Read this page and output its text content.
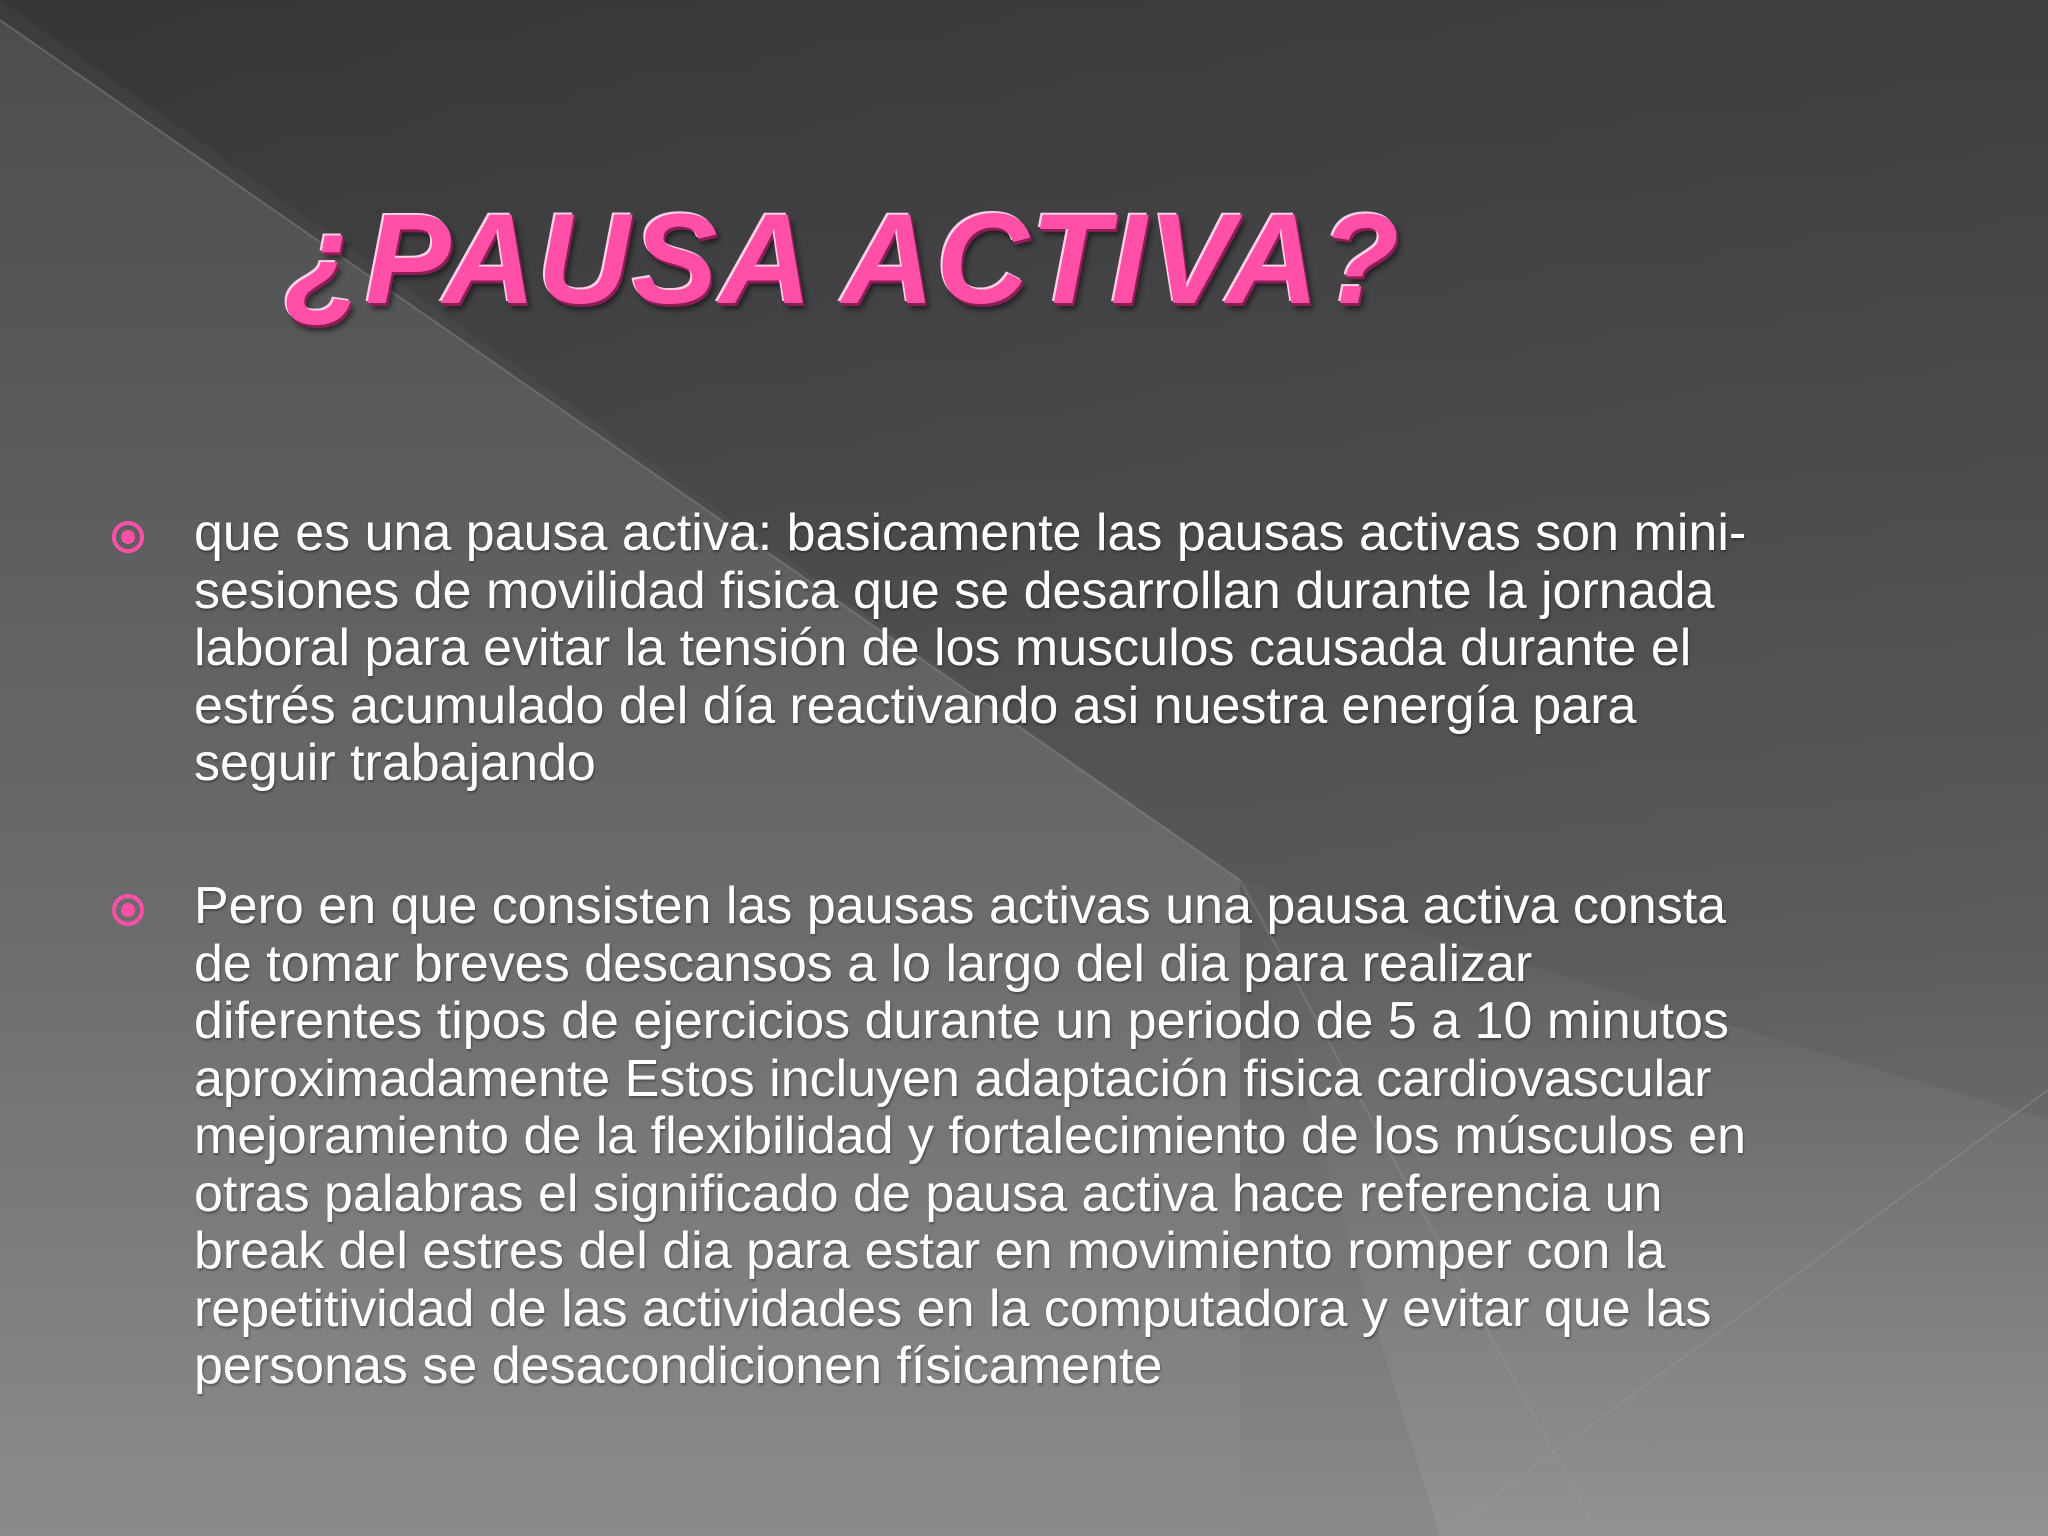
¿PAUSA ACTIVA?

que es una pausa activa: basicamente las pausas activas son mini-
sesiones de movilidad fisica que se desarrollan durante la jornada
laboral para evitar la tensión de los musculos causada durante el
estrés acumulado del día reactivando asi nuestra energía para
seguir trabajando

Pero en que consisten las pausas activas una pausa activa consta
de tomar breves descansos a lo largo del dia para realizar
diferentes tipos de ejercicios durante un periodo de 5 a 10 minutos
aproximadamente Estos incluyen adaptación fisica cardiovascular
mejoramiento de la flexibilidad y fortalecimiento de los músculos en
otras palabras el significado de pausa activa hace referencia un
break del estres del dia para estar en movimiento romper con la
repetitividad de las actividades en la computadora y evitar que las
personas se desacondicionen físicamente
